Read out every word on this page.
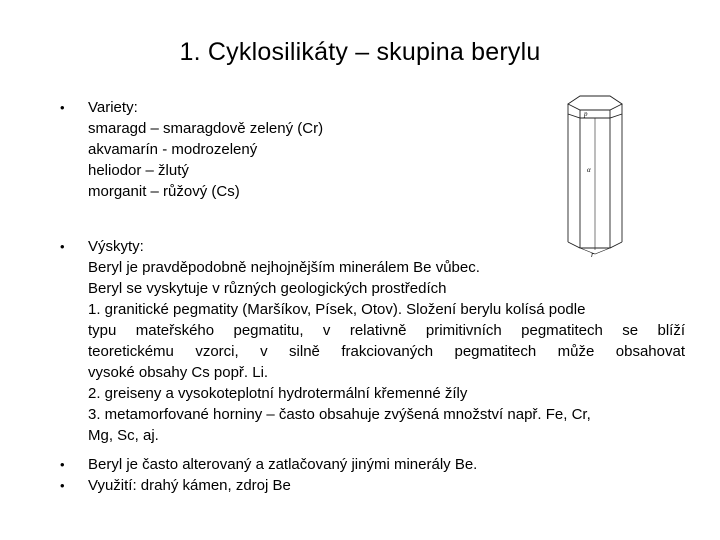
1. Cyklosilikáty – skupina berylu
• Variety:
smaragd – smaragdově zelený (Cr)
akvamarín - modrozelený
heliodor – žlutý
morganit – růžový (Cs)
• Výskyty:
Beryl je pravděpodobně nejhojnějším minerálem Be vůbec.
Beryl se vyskytuje v různých geologických prostředích
1. granitické pegmatity (Maršíkov, Písek, Otov). Složení berylu kolísá podle
typu mateřského pegmatitu, v relativně primitivních pegmatitech se blíží
teoretickému vzorci, v silně frakciovaných pegmatitech může obsahovat
vysoké obsahy Cs popř. Li.
2. greiseny a vysokoteplotní hydrotermální křemenné žíly
3. metamorfované horniny – často obsahuje zvýšená množství např. Fe, Cr,
Mg, Sc, aj.
• Beryl je často alterovaný a zatlačovaný jinými minerály Be.
• Využití: drahý kámen, zdroj Be
p
α
r
